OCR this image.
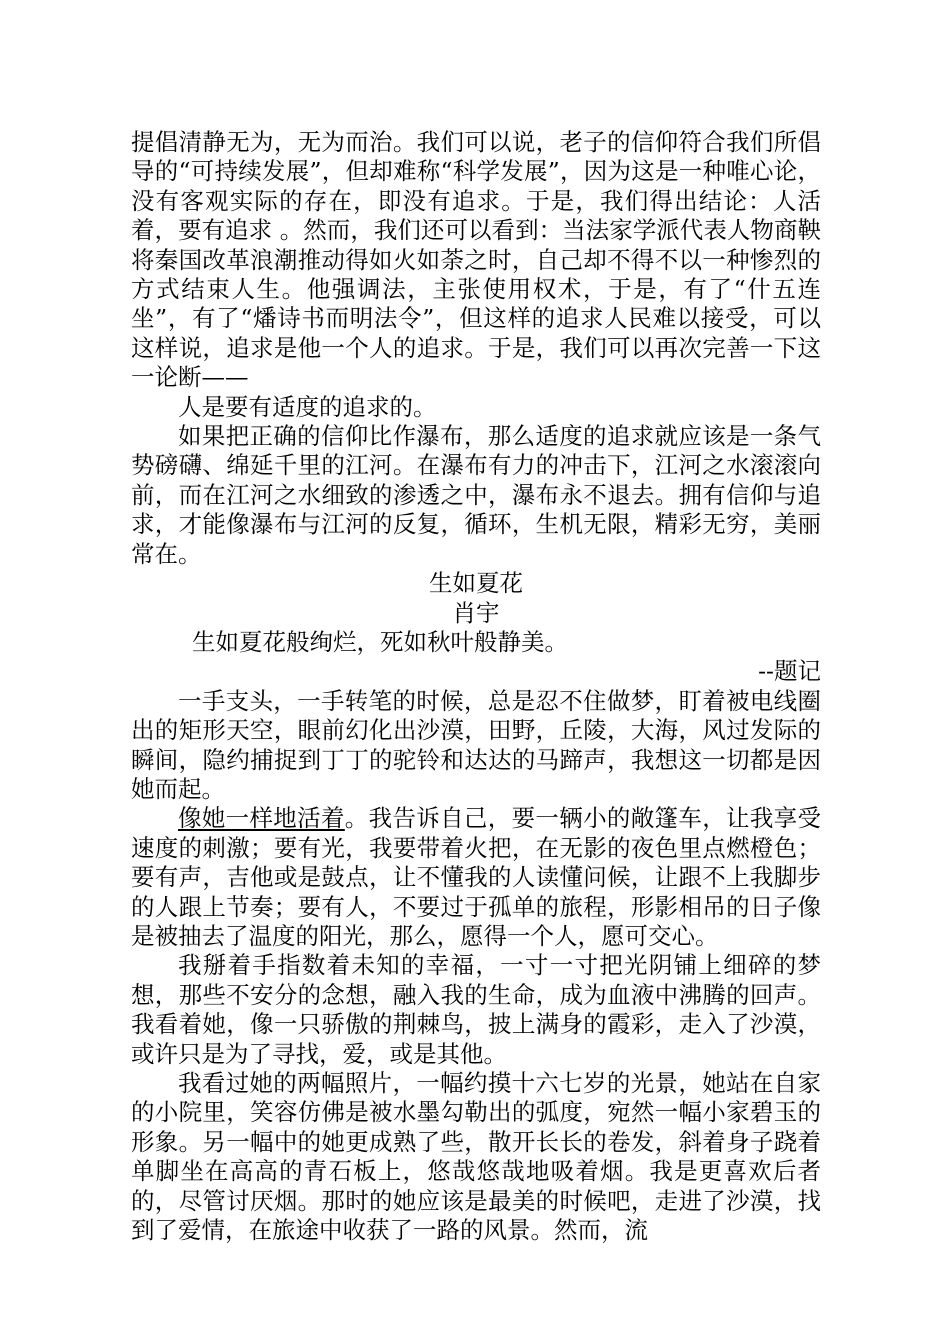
提倡清静无为，无为而治。我们可以说，老子的信仰符合我们所倡导的“可持续发展”，但却难称“科学发展”，因为这是一种唯心论，没有客观实际的存在，即没有追求。于是，我们得出结论：人活着，要有追求 。然而，我们还可以看到：当法家学派代表人物商鞅将秦国改革浪潮推动得如火如荼之时，自己却不得不以一种惨烈的方式结束人生。他强调法，主张使用权术，于是，有了“什五连坐”，有了“燔诗书而明法令”，但这样的追求人民难以接受，可以这样说，追求是他一个人的追求。于是，我们可以再次完善一下这一论断——

人是要有适度的追求的。

如果把正确的信仰比作瀑布，那么适度的追求就应该是一条气势磅礴、绵延千里的江河。在瀑布有力的冲击下，江河之水滚滚向前，而在江河之水细致的渗透之中，瀑布永不退去。拥有信仰与追求，才能像瀑布与江河的反复，循环，生机无限，精彩无穷，美丽常在。

生如夏花

肖宇

生如夏花般绚烂，死如秋叶般静美。

--题记

一手支头，一手转笔的时候，总是忍不住做梦，盯着被电线圈出的矩形天空，眼前幻化出沙漠，田野，丘陵，大海，风过发际的瞬间，隐约捕捉到丁丁的驼铃和达达的马蹄声，我想这一切都是因她而起。

像她一样地活着。我告诉自己，要一辆小的敞篷车，让我享受速度的刺激；要有光，我要带着火把，在无影的夜色里点燃橙色；要有声，吉他或是鼓点，让不懂我的人读懂问候，让跟不上我脚步的人跟上节奏；要有人，不要过于孤单的旅程，形影相吊的日子像是被抽去了温度的阳光，那么，愿得一个人，愿可交心。

我掰着手指数着未知的幸福，一寸一寸把光阴铺上细碎的梦想，那些不安分的念想，融入我的生命，成为血液中沸腾的回声。我看着她，像一只骄傲的荆棘鸟，披上满身的霞彩，走入了沙漠，或许只是为了寻找，爱，或是其他。

我看过她的两幅照片，一幅约摸十六七岁的光景，她站在自家的小院里，笑容仿佛是被水墨勾勒出的弧度，宛然一幅小家碧玉的形象。另一幅中的她更成熟了些，散开长长的卷发，斜着身子跷着单脚坐在高高的青石板上，悠哉悠哉地吸着烟。我是更喜欢后者的，尽管讨厌烟。那时的她应该是最美的时候吧，走进了沙漠，找到了爱情，在旅途中收获了一路的风景。然而，流
